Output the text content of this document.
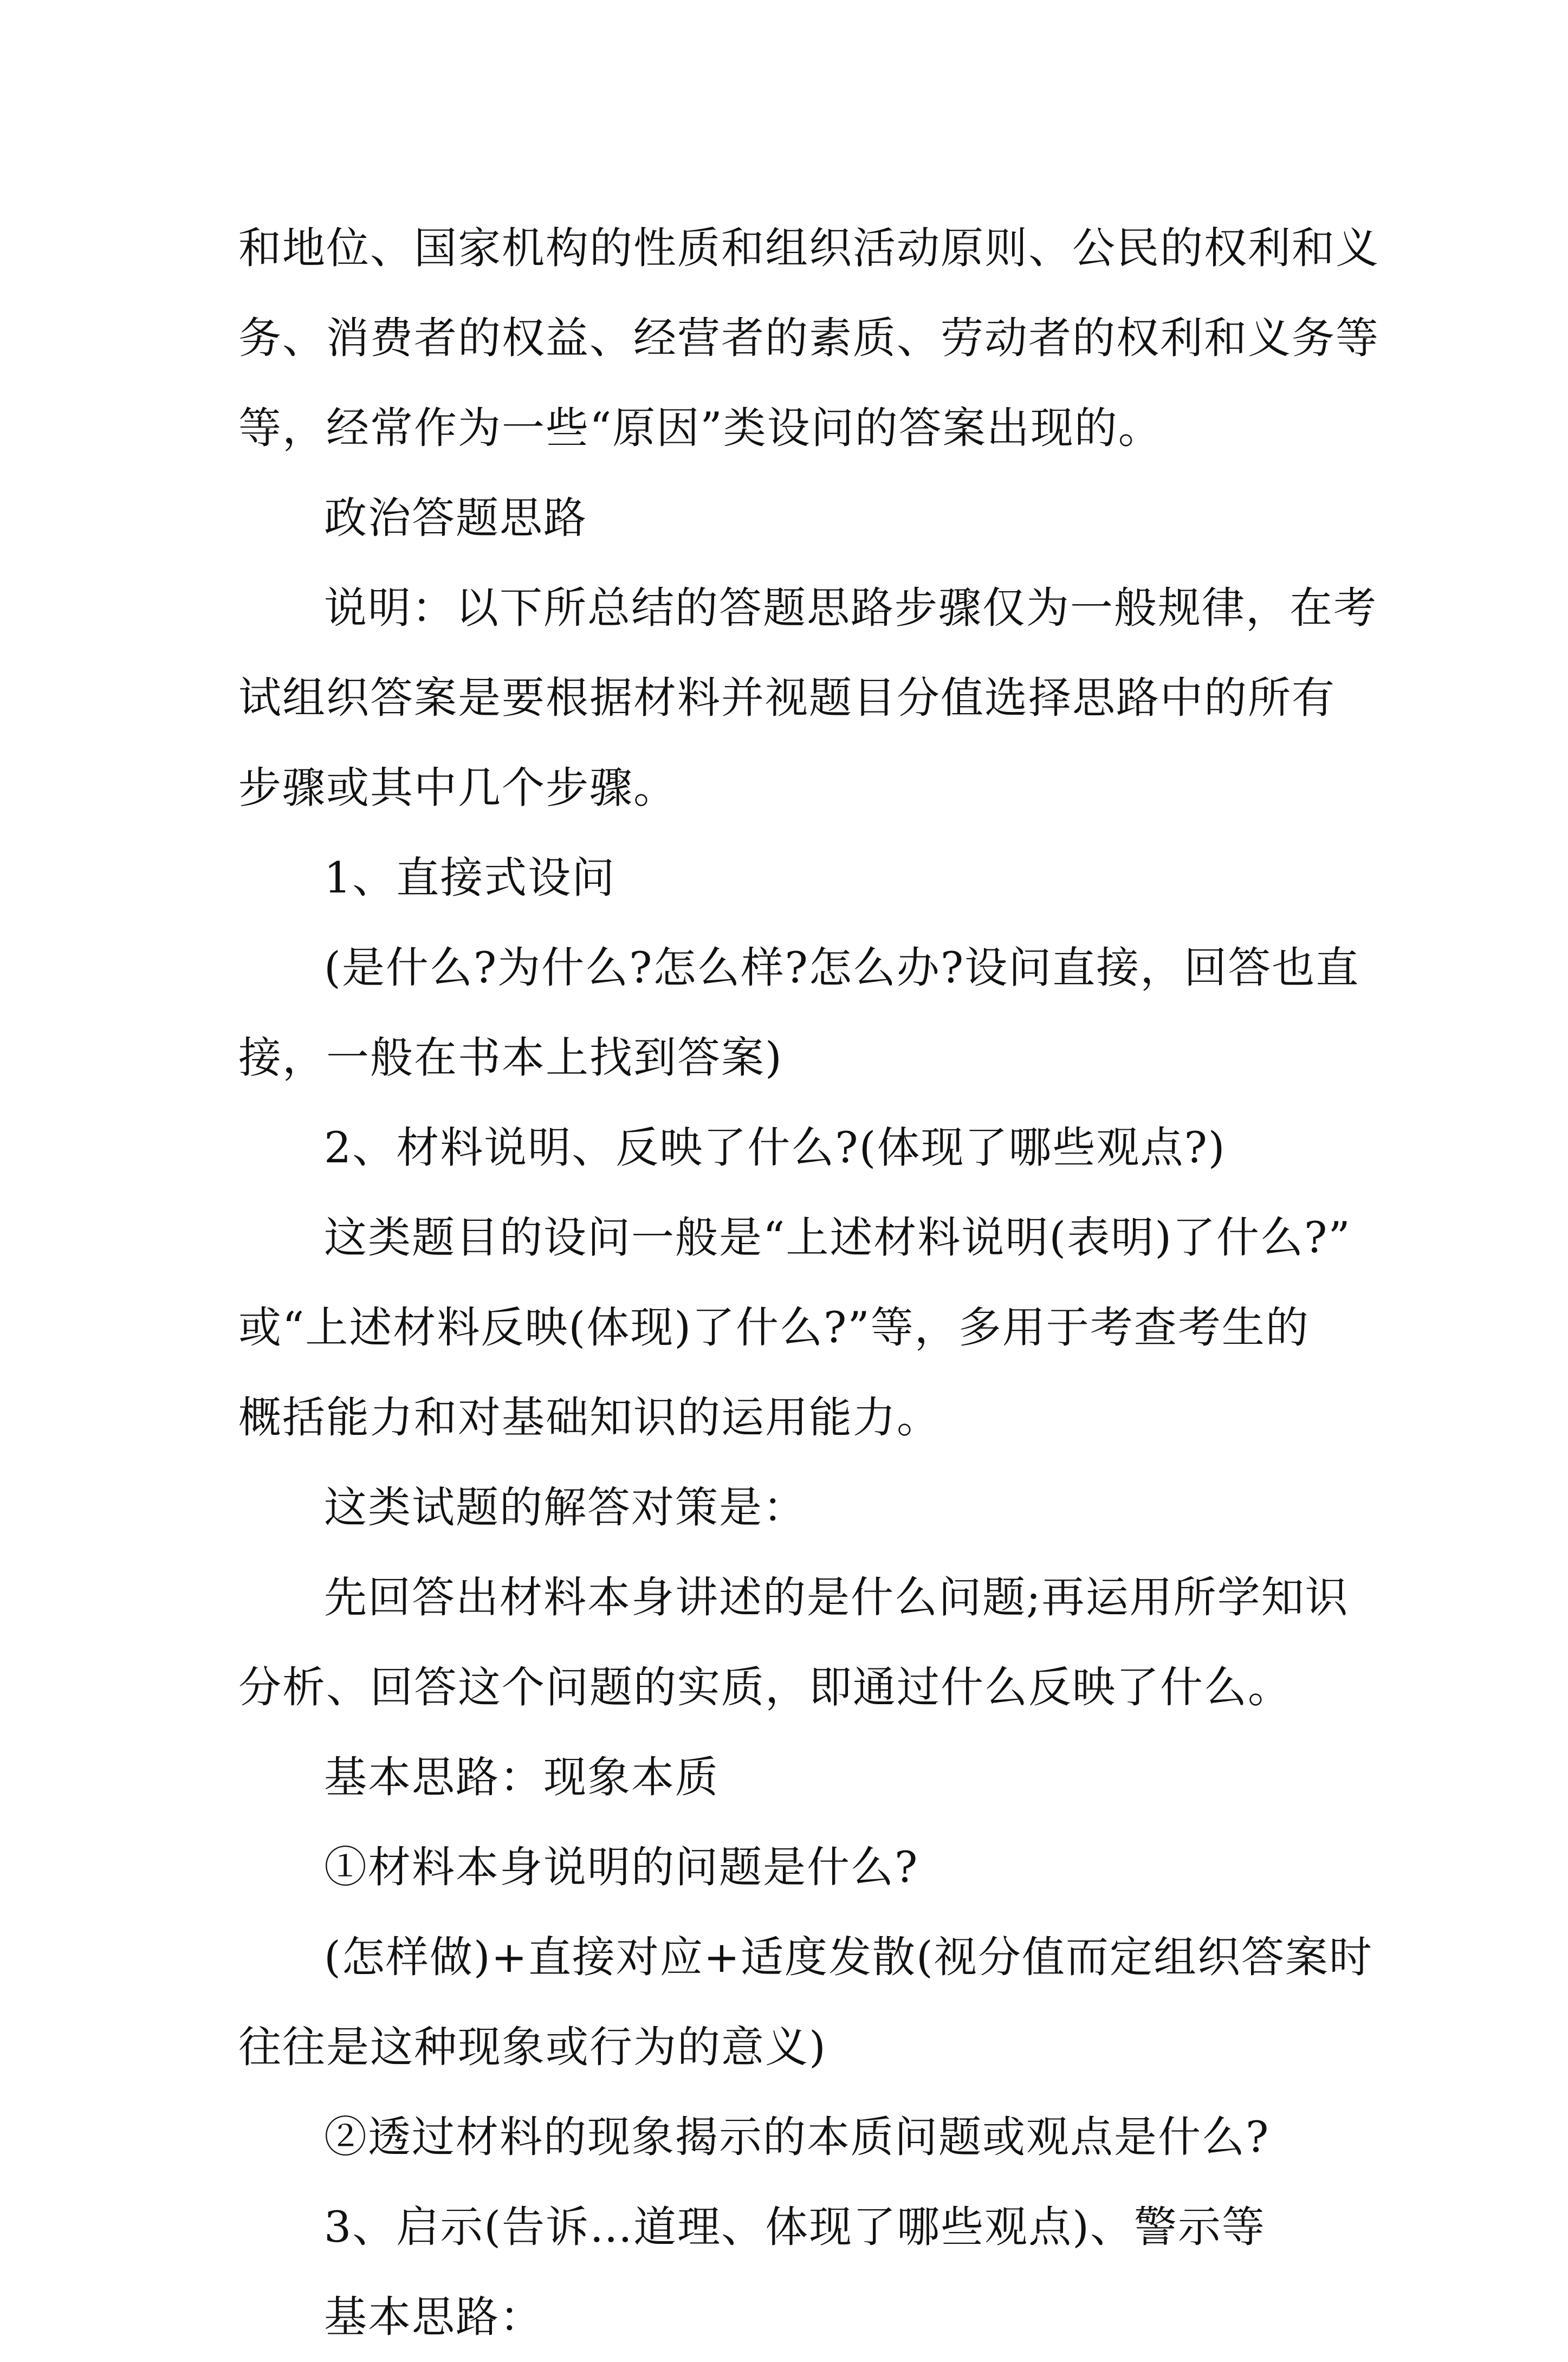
和地位、国家机构的性质和组织活动原则、公民的权利和义
务、消费者的权益、经营者的素质、劳动者的权利和义务等
等，经常作为一些“原因”类设问的答案出现的。
政治答题思路
说明：以下所总结的答题思路步骤仅为一般规律，在考
试组织答案是要根据材料并视题目分值选择思路中的所有
步骤或其中几个步骤。
1、直接式设问
(是什么?为什么?怎么样?怎么办?设问直接，回答也直
接，一般在书本上找到答案)
2、材料说明、反映了什么?(体现了哪些观点?)
这类题目的设问一般是“上述材料说明(表明)了什么?”
或“上述材料反映(体现)了什么?”等，多用于考查考生的
概括能力和对基础知识的运用能力。
这类试题的解答对策是：
先回答出材料本身讲述的是什么问题;再运用所学知识
分析、回答这个问题的实质，即通过什么反映了什么。
基本思路：现象本质
①材料本身说明的问题是什么?
(怎样做)+直接对应+适度发散(视分值而定组织答案时
往往是这种现象或行为的意义)
②透过材料的现象揭示的本质问题或观点是什么?
3、启示(告诉…道理、体现了哪些观点)、警示等
基本思路：
